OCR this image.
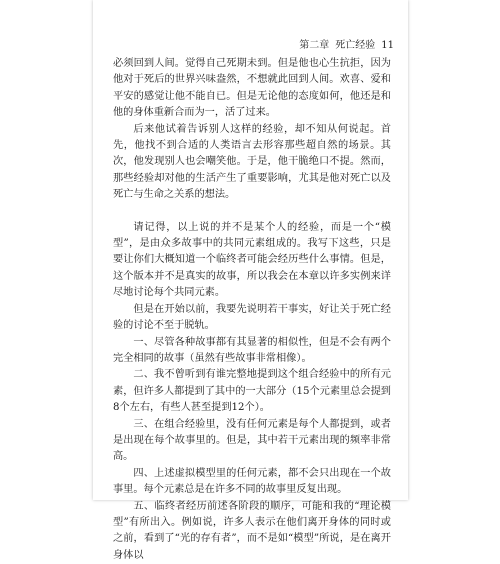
第二章 死亡经验 11

必须回到人间。觉得自己死期未到。但是他也心生抗拒，因为他对于死后的世界兴味盎然，不想就此回到人间。欢喜、爱和平安的感觉让他不能自已。但是无论他的态度如何，他还是和他的身体重新合而为一，活了过来。

后来他试着告诉别人这样的经验，却不知从何说起。首先，他找不到合适的人类语言去形容那些超自然的场景。其次，他发现别人也会嘲笑他。于是，他干脆绝口不提。然而，那些经验却对他的生活产生了重要影响，尤其是他对死亡以及死亡与生命之关系的想法。

请记得，以上说的并不是某个人的经验，而是一个“模型”，是由众多故事中的共同元素组成的。我写下这些，只是要让你们大概知道一个临终者可能会经历些什么事情。但是，这个版本并不是真实的故事，所以我会在本章以许多实例来详尽地讨论每个共同元素。

但是在开始以前，我要先说明若干事实，好让关于死亡经验的讨论不至于脱轨。

一、尽管各种故事都有其显著的相似性，但是不会有两个完全相同的故事（虽然有些故事非常相像）。

二、我不曾听到有谁完整地提到这个组合经验中的所有元素，但许多人都提到了其中的一大部分（15个元素里总会提到8个左右，有些人甚至提到12个）。

三、在组合经验里，没有任何元素是每个人都提到，或者是出现在每个故事里的。但是，其中若干元素出现的频率非常高。

四、上述虚拟模型里的任何元素，都不会只出现在一个故事里。每个元素总是在许多不同的故事里反复出现。

五、临终者经历前述各阶段的顺序，可能和我的“理论模型”有所出入。例如说，许多人表示在他们离开身体的同时或之前，看到了“光的存有者”，而不是如“模型”所说，是在离开身体以
